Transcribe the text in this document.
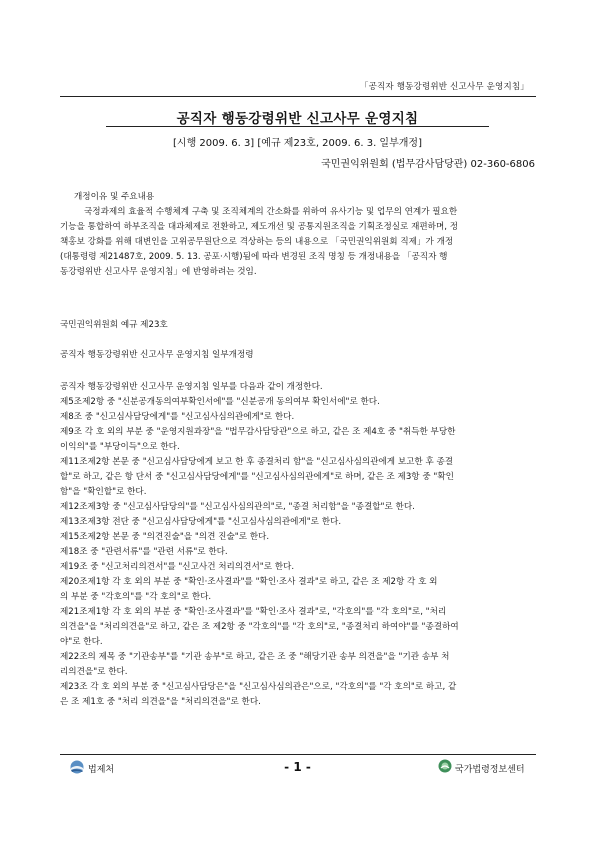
「공직자 행동강령위반 신고사무 운영지침」
공직자 행동강령위반 신고사무 운영지침
[시행 2009. 6. 3] [예규 제23호, 2009. 6. 3. 일부개정]
국민권익위원회 (법무감사담당관) 02-360-6806
개정이유 및 주요내용
국정과제의 효율적 수행체계 구축 및 조직체계의 간소화를 위하여 유사기능 및 업무의 연계가 필요한
기능을 통합하여 하부조직을 대과체제로 전환하고, 제도개선 및 공통지원조직을 기획조정실로 재편하며, 정
책홍보 강화를 위해 대변인을 고위공무원단으로 격상하는 등의 내용으로 「국민권익위원회 직제」가 개정
(대통령령 제21487호, 2009. 5. 13. 공포·시행)됨에 따라 변경된 조직 명칭 등 개정내용을 「공직자 행
동강령위반 신고사무 운영지침」에 반영하려는 것임.
국민권익위원회 예규 제23호
공직자 행동강령위반 신고사무 운영지침 일부개정령
공직자 행동강령위반 신고사무 운영지침 일부를 다음과 같이 개정한다.
제5조제2항 중 "신분공개동의여부확인서에"를 "신분공개 동의여부 확인서에"로 한다.
제8조 중 "신고심사담당에게"를 "신고심사심의관에게"로 한다.
제9조 각 호 외의 부분 중 "운영지원과장"을 "법무감사담당관"으로 하고, 같은 조 제4호 중 "취득한 부당한
이익의"를 "부당이득"으로 한다.
제11조제2항 본문 중 "신고심사담당에게 보고 한 후 종결처리 함"을 "신고심사심의관에게 보고한 후 종결
할"로 하고, 같은 항 단서 중 "신고심사담당에게"를 "신고심사심의관에게"로 하며, 같은 조 제3항 중 "확인
함"을 "확인할"로 한다.
제12조제3항 중 "신고심사담당의"를 "신고심사심의관의"로, "종결 처리함"을 "종결할"로 한다.
제13조제3항 전단 중 "신고심사담당에게"를 "신고심사심의관에게"로 한다.
제15조제2항 본문 중 "의견진술"을 "의견 진술"로 한다.
제18조 중 "관련서류"를 "관련 서류"로 한다.
제19조 중 "신고처리의견서"를 "신고사건 처리의견서"로 한다.
제20조제1항 각 호 외의 부분 중 "확인·조사결과"를 "확인·조사 결과"로 하고, 같은 조 제2항 각 호 외
의 부분 중 "각호의"를 "각 호의"로 한다.
제21조제1항 각 호 외의 부분 중 "확인·조사결과"를 "확인·조사 결과"로, "각호의"를 "각 호의"로, "처리
의견을"을 "처리의견을"로 하고, 같은 조 제2항 중 "각호의"를 "각 호의"로, "종결처리 하여야"를 "종결하여
야"로 한다.
제22조의 제목 중 "기관송부"를 "기관 송부"로 하고, 같은 조 중 "해당기관 송부 의견을"을 "기관 송부 처
리의견을"로 한다.
제23조 각 호 외의 부분 중 "신고심사담당은"을 "신고심사심의관은"으로, "각호의"를 "각 호의"로 하고, 같
은 조 제1호 중 "처리 의견을"을 "처리의견을"로 한다.
법제처	- 1 -	국가법령정보센터
